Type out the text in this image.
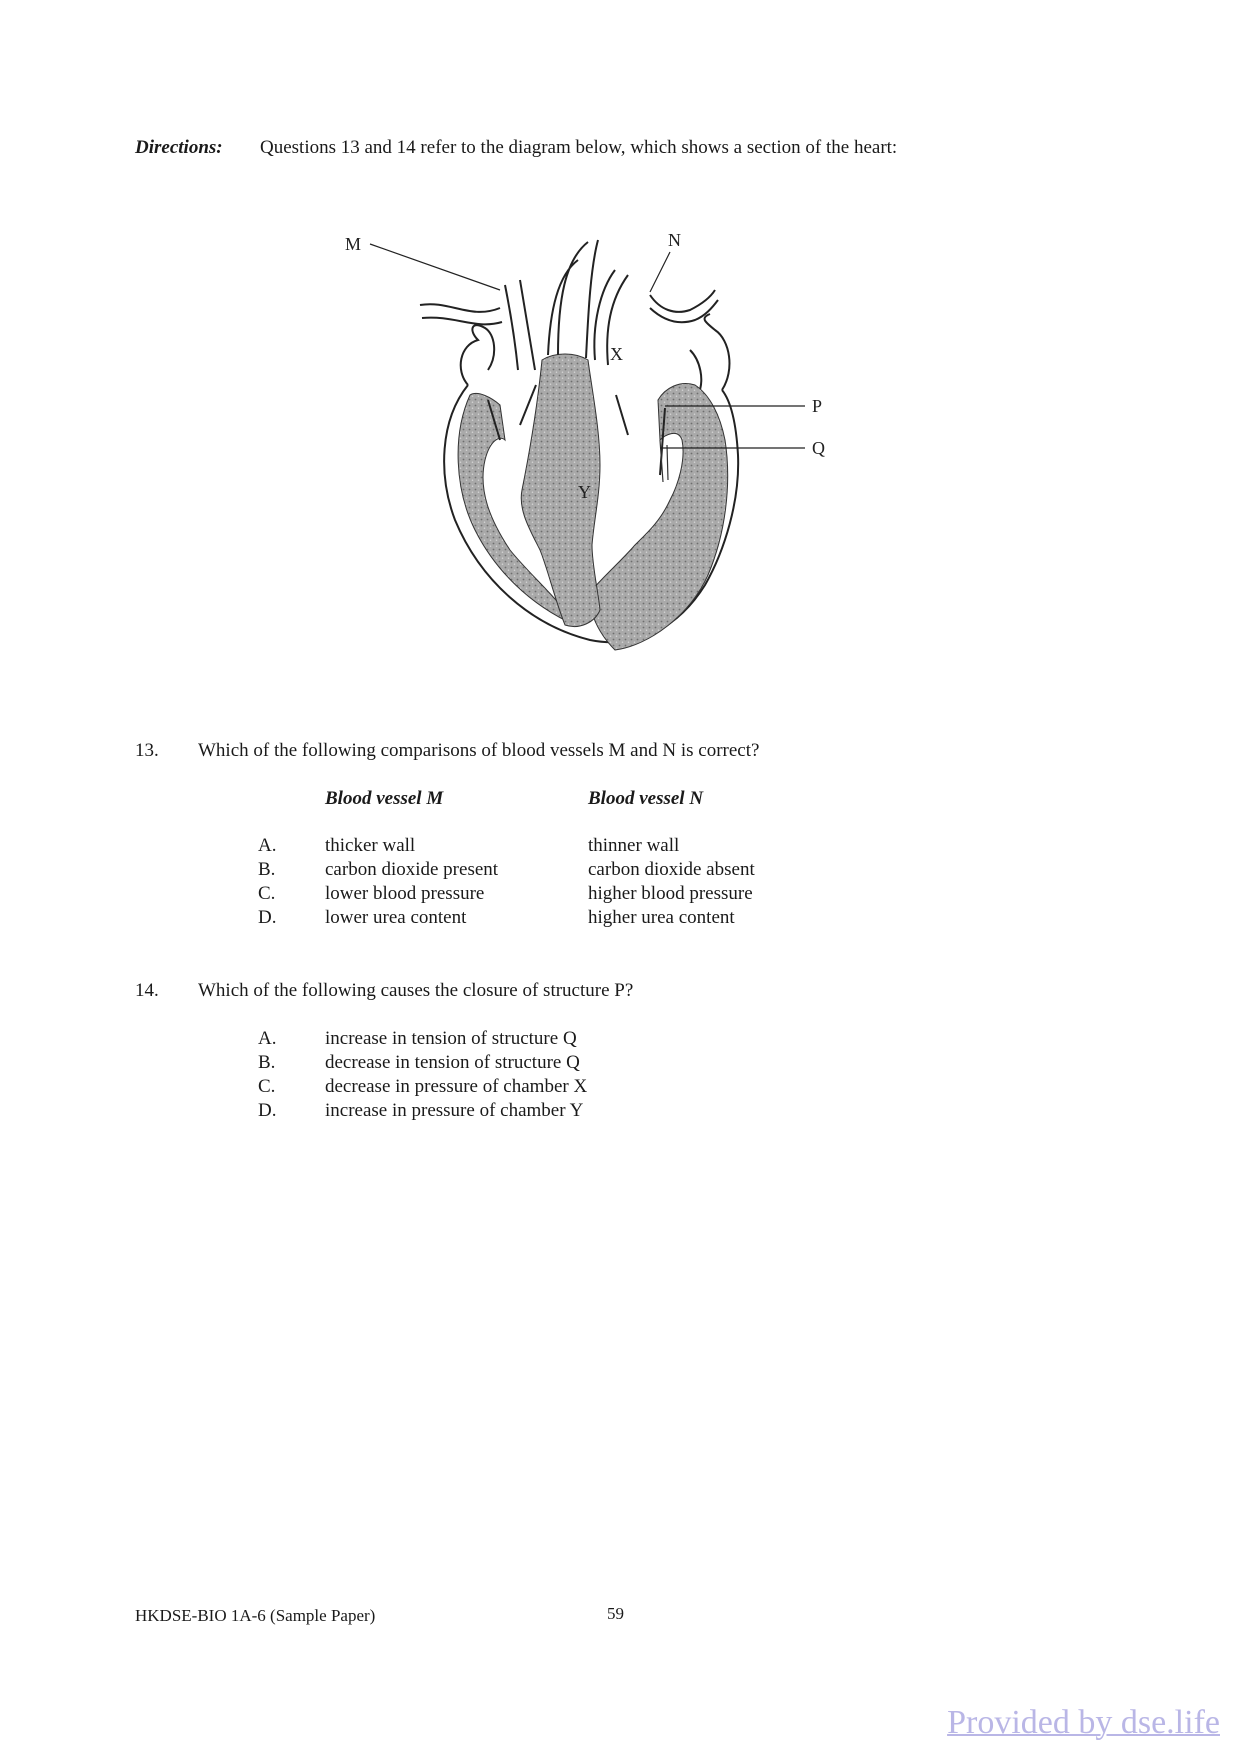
Directions: Questions 13 and 14 refer to the diagram below, which shows a section of the heart:
M	N
X
Y
P
Q
13. Which of the following comparisons of blood vessels M and N is correct?
Blood vessel M	Blood vessel N
A.	thicker wall	thinner wall
B.	carbon dioxide present	carbon dioxide absent
C.	lower blood pressure	higher blood pressure
D.	lower urea content	higher urea content
14. Which of the following causes the closure of structure P?
A.	increase in tension of structure Q
B.	decrease in tension of structure Q
C.	decrease in pressure of chamber X
D.	increase in pressure of chamber Y
HKDSE-BIO 1A-6 (Sample Paper)	59
Provided by dse.life
